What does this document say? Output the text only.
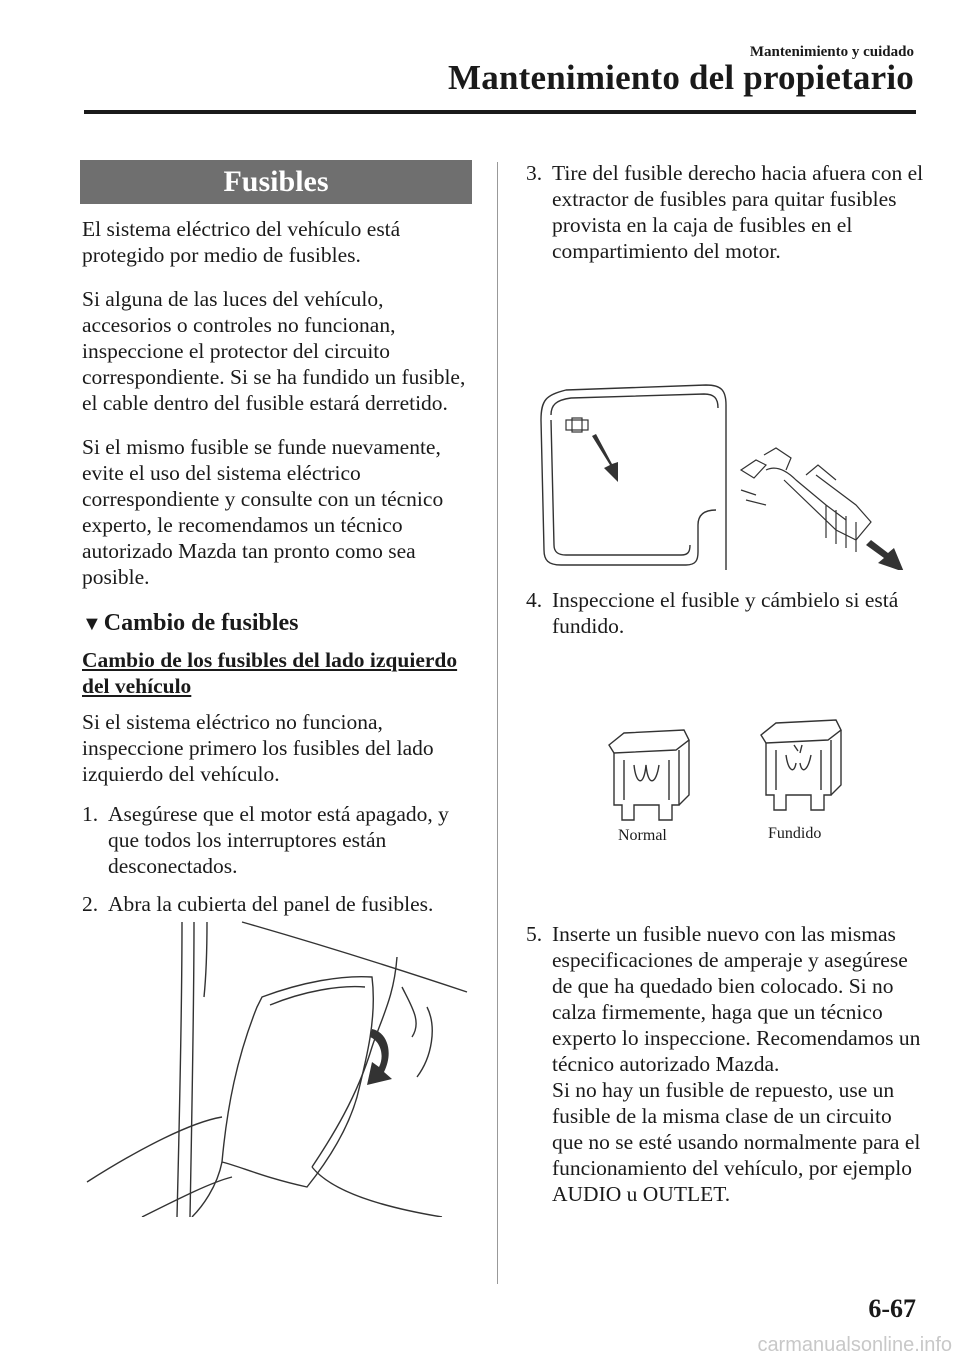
Mantenimiento y cuidado
Mantenimiento del propietario
Fusibles

El sistema eléctrico del vehículo está protegido por medio de fusibles.

Si alguna de las luces del vehículo, accesorios o controles no funcionan, inspeccione el protector del circuito correspondiente. Si se ha fundido un fusible, el cable dentro del fusible estará derretido.

Si el mismo fusible se funde nuevamente, evite el uso del sistema eléctrico correspondiente y consulte con un técnico experto, le recomendamos un técnico autorizado Mazda tan pronto como sea posible.

▼Cambio de fusibles
Cambio de los fusibles del lado izquierdo del vehículo

Si el sistema eléctrico no funciona, inspeccione primero los fusibles del lado izquierdo del vehículo.

1. Asegúrese que el motor está apagado, y que todos los interruptores están desconectados.
2. Abra la cubierta del panel de fusibles.
3. Tire del fusible derecho hacia afuera con el extractor de fusibles para quitar fusibles provista en la caja de fusibles en el compartimiento del motor.
4. Inspeccione el fusible y cámbielo si está fundido.
Normal	Fundido
5. Inserte un fusible nuevo con las mismas especificaciones de amperaje y asegúrese de que ha quedado bien colocado. Si no calza firmemente, haga que un técnico experto lo inspeccione. Recomendamos un técnico autorizado Mazda.
Si no hay un fusible de repuesto, use un fusible de la misma clase de un circuito que no se esté usando normalmente para el funcionamiento del vehículo, por ejemplo AUDIO u OUTLET.
6-67
carmanualsonline.info
